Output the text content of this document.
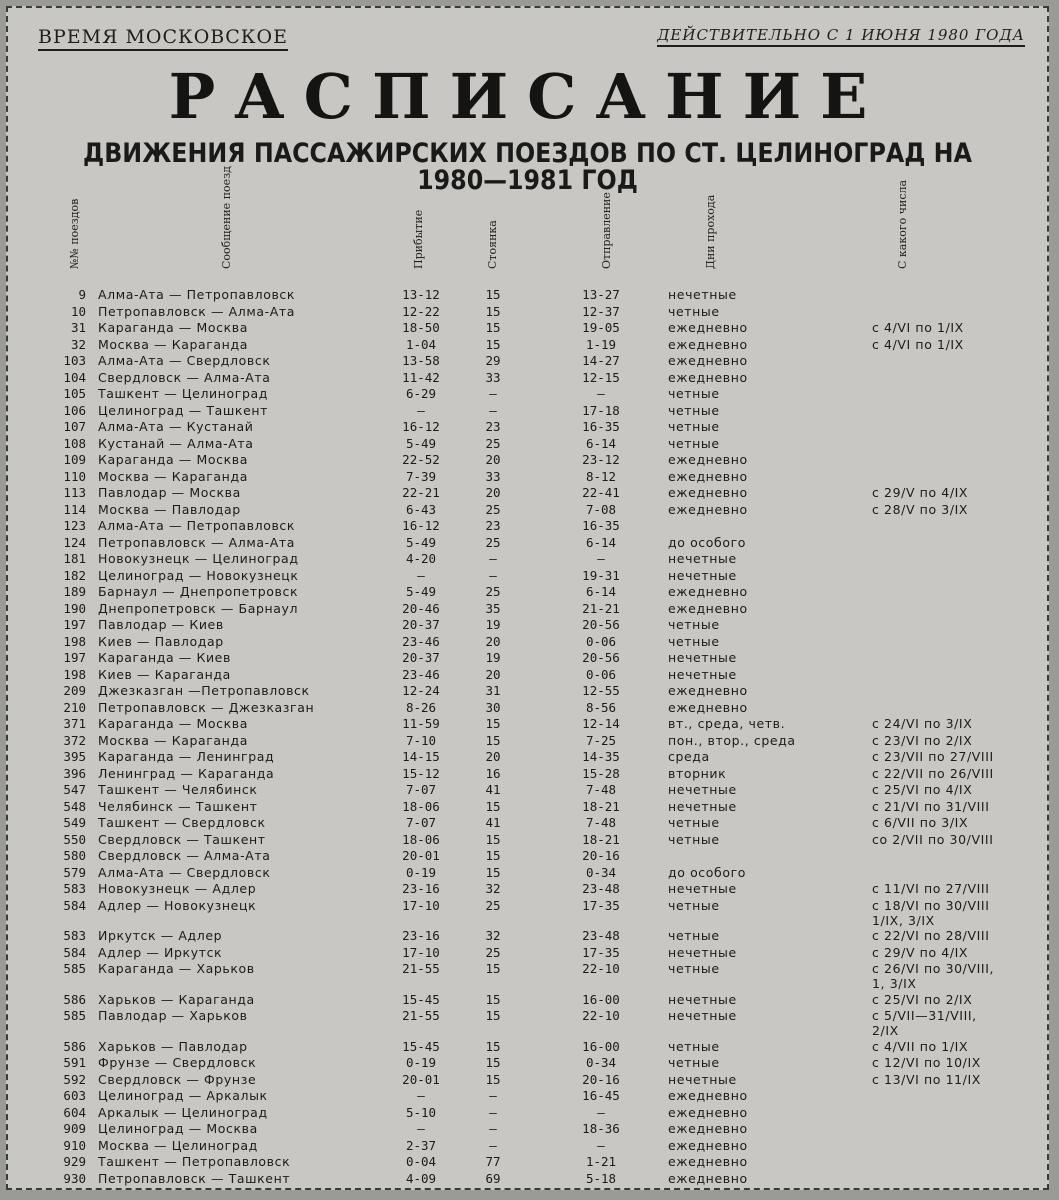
ВРЕМЯ МОСКОВСКОЕ	ДЕЙСТВИТЕЛЬНО С 1 ИЮНЯ 1980 ГОДА
РАСПИСАНИЕ
ДВИЖЕНИЯ ПАССАЖИРСКИХ ПОЕЗДОВ ПО СТ. ЦЕЛИНОГРАД НА 1980—1981 ГОД
№№ поездов	Сообщение поезд	Прибытие	Стоянка	Отправление	Дни прохода	С какого числа
9 Алма-Ата — Петропавловск	13-12	15	13-27	нечетные
10 Петропавловск — Алма-Ата	12-22	15	12-37	четные
31 Караганда — Москва	18-50	15	19-05	ежедневно	с 4/VI по 1/IX
32 Москва — Караганда	1-04	15	1-19	ежедневно	с 4/VI по 1/IX
103 Алма-Ата — Свердловск	13-58	29	14-27	ежедневно
104 Свердловск — Алма-Ата	11-42	33	12-15	ежедневно
105 Ташкент — Целиноград	6-29	—	—	четные
106 Целиноград — Ташкент	—	—	17-18	четные
107 Алма-Ата — Кустанай	16-12	23	16-35	четные
108 Кустанай — Алма-Ата	5-49	25	6-14	четные
109 Караганда — Москва	22-52	20	23-12	ежедневно
110 Москва — Караганда	7-39	33	8-12	ежедневно
113 Павлодар — Москва	22-21	20	22-41	ежедневно	с 29/V по 4/IX
114 Москва — Павлодар	6-43	25	7-08	ежедневно	с 28/V по 3/IX
123 Алма-Ата — Петропавловск	16-12	23	16-35
124 Петропавловск — Алма-Ата	5-49	25	6-14	до особого
181 Новокузнецк — Целиноград	4-20	—	—	нечетные
182 Целиноград — Новокузнецк	—	—	19-31	нечетные
189 Барнаул — Днепропетровск	5-49	25	6-14	ежедневно
190 Днепропетровск — Барнаул	20-46	35	21-21	ежедневно
197 Павлодар — Киев	20-37	19	20-56	четные
198 Киев — Павлодар	23-46	20	0-06	четные
197 Караганда — Киев	20-37	19	20-56	нечетные
198 Киев — Караганда	23-46	20	0-06	нечетные
209 Джезказган —Петропавловск	12-24	31	12-55	ежедневно
210 Петропавловск — Джезказган	8-26	30	8-56	ежедневно
371 Караганда — Москва	11-59	15	12-14	вт., среда, четв.	с 24/VI по 3/IX
372 Москва — Караганда	7-10	15	7-25	пон., втор., среда	с 23/VI по 2/IX
395 Караганда — Ленинград	14-15	20	14-35	среда	с 23/VII по 27/VIII
396 Ленинград — Караганда	15-12	16	15-28	вторник	с 22/VII по 26/VIII
547 Ташкент — Челябинск	7-07	41	7-48	нечетные	с 25/VI по 4/IX
548 Челябинск — Ташкент	18-06	15	18-21	нечетные	с 21/VI по 31/VIII
549 Ташкент — Свердловск	7-07	41	7-48	четные	с 6/VII по 3/IX
550 Свердловск — Ташкент	18-06	15	18-21	четные	со 2/VII по 30/VIII
580 Свердловск — Алма-Ата	20-01	15	20-16
579 Алма-Ата — Свердловск	0-19	15	0-34	до особого
583 Новокузнецк — Адлер	23-16	32	23-48	нечетные	с 11/VI по 27/VIII
584 Адлер — Новокузнецк	17-10	25	17-35	четные	с 18/VI по 30/VIII
1/IX, 3/IX
583 Иркутск — Адлер	23-16	32	23-48	четные	с 22/VI по 28/VIII
584 Адлер — Иркутск	17-10	25	17-35	нечетные	с 29/V по 4/IX
585 Караганда — Харьков	21-55	15	22-10	четные	с 26/VI по 30/VIII,
1, 3/IX
586 Харьков — Караганда	15-45	15	16-00	нечетные	с 25/VI по 2/IX
585 Павлодар — Харьков	21-55	15	22-10	нечетные	с 5/VII—31/VIII,
2/IX
586 Харьков — Павлодар	15-45	15	16-00	четные	с 4/VII по 1/IX
591 Фрунзе — Свердловск	0-19	15	0-34	четные	с 12/VI по 10/IX
592 Свердловск — Фрунзе	20-01	15	20-16	нечетные	с 13/VI по 11/IX
603 Целиноград — Аркалык	—	—	16-45	ежедневно
604 Аркалык — Целиноград	5-10	—	—	ежедневно
909 Целиноград — Москва	—	—	18-36	ежедневно
910 Москва — Целиноград	2-37	—	—	ежедневно
929 Ташкент — Петропавловск	0-04	77	1-21	ежедневно
930 Петропавловск — Ташкент	4-09	69	5-18	ежедневно
